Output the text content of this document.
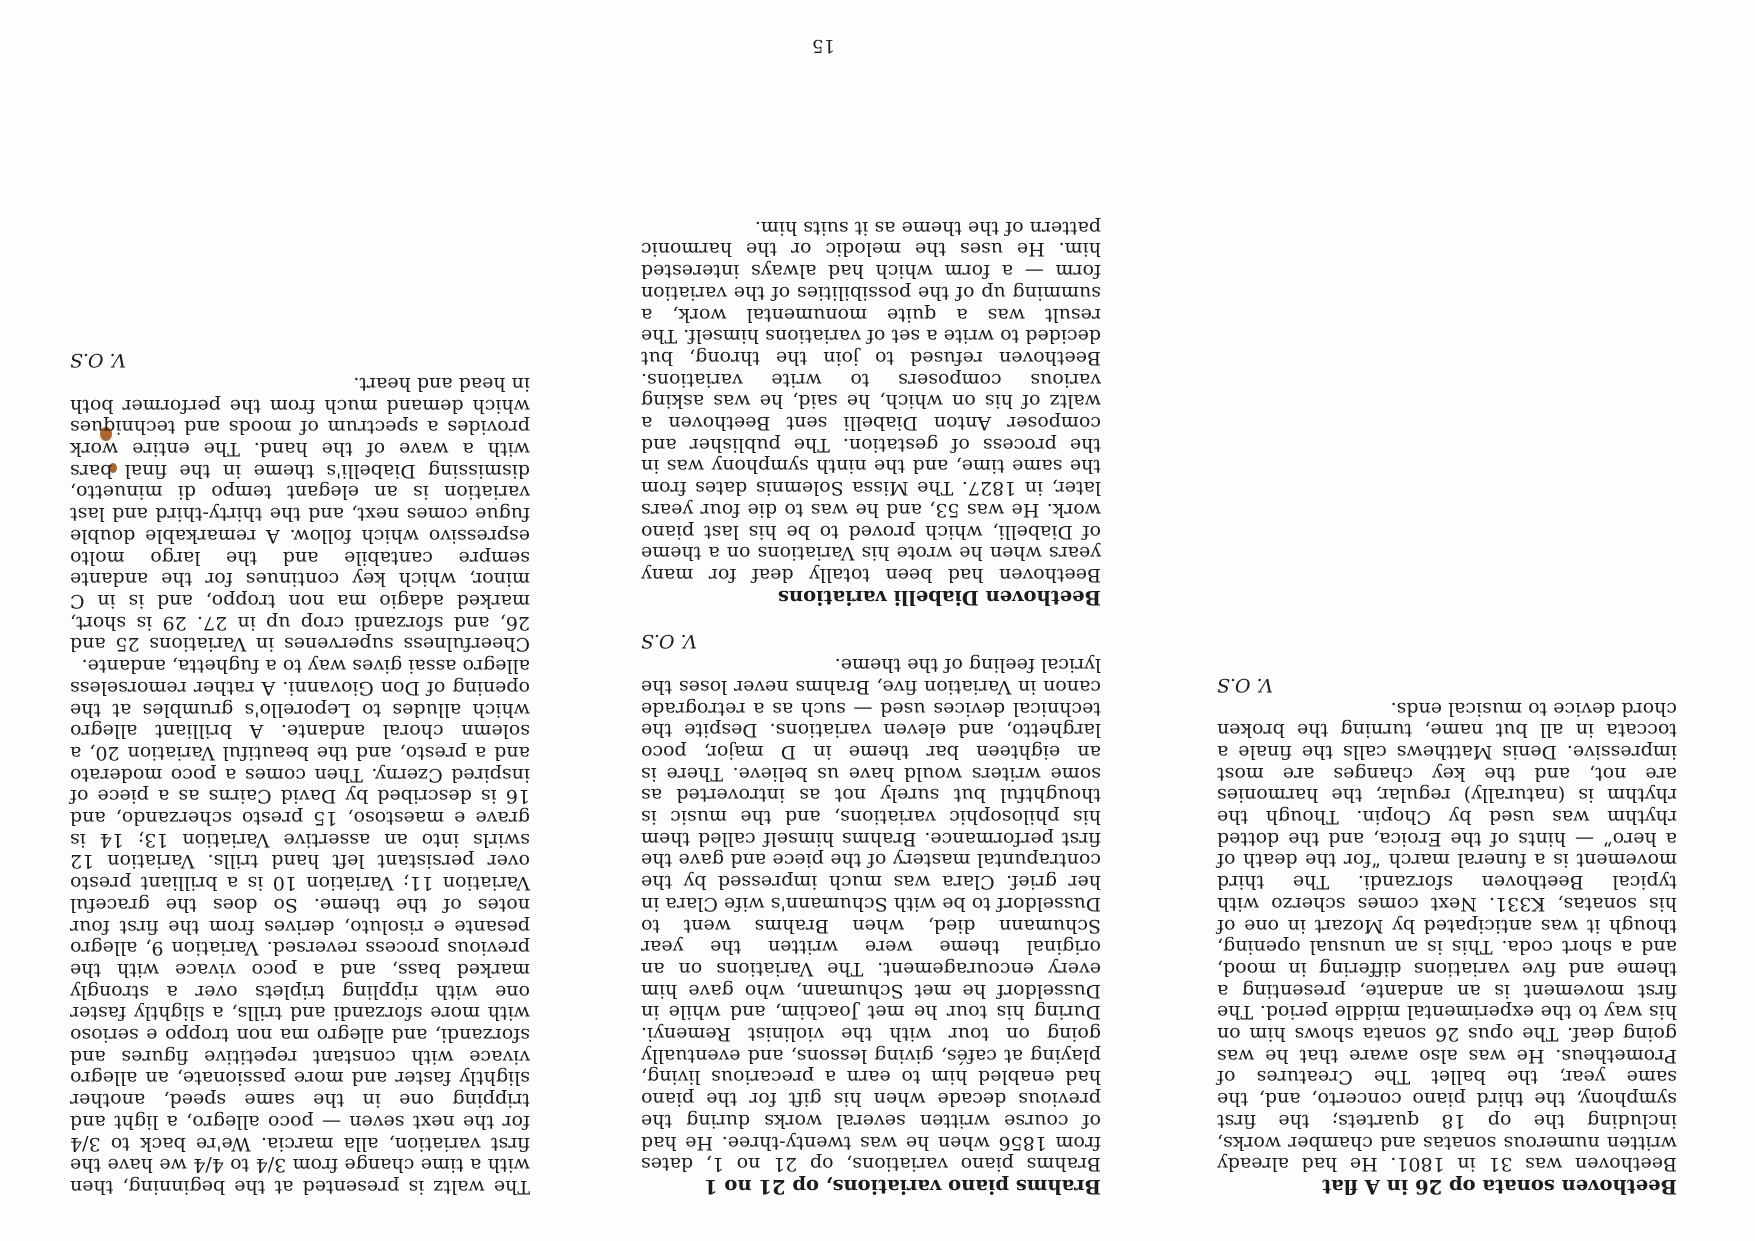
Beethoven sonata op 26 in A flat

Beethoven was 31 in 1801. He had already written numerous sonatas and chamber works, including the op 18 quartets; the first symphony, the third piano concerto, and, the same year, the ballet The Creatures of Prometheus. He was also aware that he was going deaf. The opus 26 sonata shows him on his way to the experimental middle period. The first movement is an andante, presenting a theme and five variations differing in mood, and a short coda. This is an unusual opening, though it was anticipated by Mozart in one of his sonatas, K331. Next comes scherzo with typical Beethoven sforzandi. The third movement is a funeral march “for the death of a hero” — hints of the Eroica, and the dotted rhythm was used by Chopin. Though the rhythm is (naturally) regular, the harmonies are not, and the key changes are most impressive. Denis Matthews calls the finale a toccata in all but name, turning the broken chord device to musical ends.

V. O.S
Brahms piano variations, op 21 no 1

Brahms piano variations, op 21 no 1, dates from 1856 when he was twenty-three. He had of course written several works during the previous decade when his gift for the piano had enabled him to earn a precarious living, playing at cafés, giving lessons, and eventually going on tour with the violinist Remenyi. During his tour he met Joachim, and while in Dusseldorf he met Schumann, who gave him every encouragement. The Variations on an original theme were written the year Schumann died, when Brahms went to Dusseldorf to be with Schumann's wife Clara in her grief. Clara was much impressed by the contrapuntal mastery of the piece and gave the first performance. Brahms himself called them his philosophic variations, and the music is thoughtful but surely not as introverted as some writers would have us believe. There is an eighteen bar theme in D major, poco larghetto, and eleven variations. Despite the technical devices used — such as a retrograde canon in Variation five, Brahms never loses the lyrical feeling of the theme.

V. O.S
Beethoven Diabelli variations

Beethoven had been totally deaf for many years when he wrote his Variations on a theme of Diabelli, which proved to be his last piano work. He was 53, and he was to die four years later, in 1827. The Missa Solemnis dates from the same time, and the ninth symphony was in the process of gestation. The publisher and composer Anton Diabelli sent Beethoven a waltz of his on which, he said, he was asking various composers to write variations. Beethoven refused to join the throng, but decided to write a set of variations himself. The result was a quite monumental work, a summing up of the possibilities of the variation form — a form which had always interested him. He uses the melodic or the harmonic pattern of the theme as it suits him.

The waltz is presented at the beginning, then with a time change from 3/4 to 4/4 we have the first variation, alla marcia. We're back to 3/4 for the next seven — poco allegro, a light and tripping one in the same speed, another slightly faster and more passionate, an allegro vivace with constant repetitive figures and sforzandi, and allegro ma non troppo e serioso with more sforzandi and trills, a slightly faster one with rippling triplets over a strongly marked bass, and a poco vivace with the previous process reversed. Variation 9, allegro pesante e risoluto, derives from the first four notes of the theme. So does the graceful Variation 11; Variation 10 is a brilliant presto over persistant left hand trills. Variation 12 swirls into an assertive Variation 13; 14 is grave e maestoso, 15 presto scherzando, and 16 is described by David Cairns as a piece of inspired Czerny. Then comes a poco moderato and a presto, and the beautiful Variation 20, a solemn choral andante. A brilliant allegro which alludes to Leporello's grumbles at the opening of Don Giovanni. A rather remorseless allegro assai gives way to a fughetta, andante.

Cheerfulness supervenes in Variations 25 and 26, and sforzandi crop up in 27. 29 is short, marked adagio ma non troppo, and is in C minor, which key continues for the andante sempre cantabile and the largo molto espressivo which follow. A remarkable double fugue comes next, and the thirty-third and last variation is an elegant tempo di minuetto, dismissing Diabelli's theme in the final bars with a wave of the hand. The entire work provides a spectrum of moods and techniques which demand much from the performer both in head and heart.

V. O.S
15
